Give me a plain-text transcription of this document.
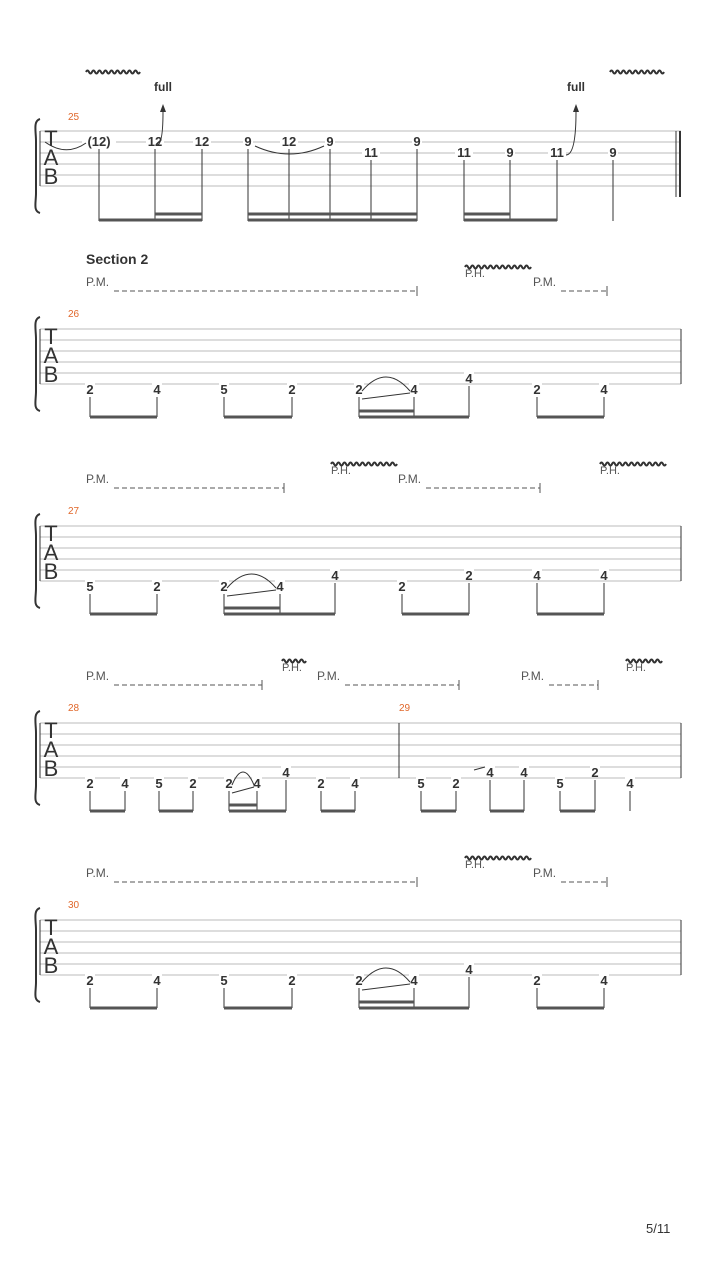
T
A
B
25
(12)	12	12	9 12 9
11
9
11	9	11	9
full	full
Section 2
T
A
B
26
2	4	5	2	2	4
4
2	4
P.M.	P.M.
P.H.
T
A
B
27
5	2	2	4
4
2
2	4	4
P.M.	P.M.
P.H.	P.H.
T
A
B
28	29
2 4 5 2 2 4
4
2 4	5 2
4 4
5
2
4
P.M.	P.M.	P.M.
P.H.	P.H.
T
A
B
30
2	4	5	2	2	4
4
2	4
P.M.	P.M.
P.H.
5/11
